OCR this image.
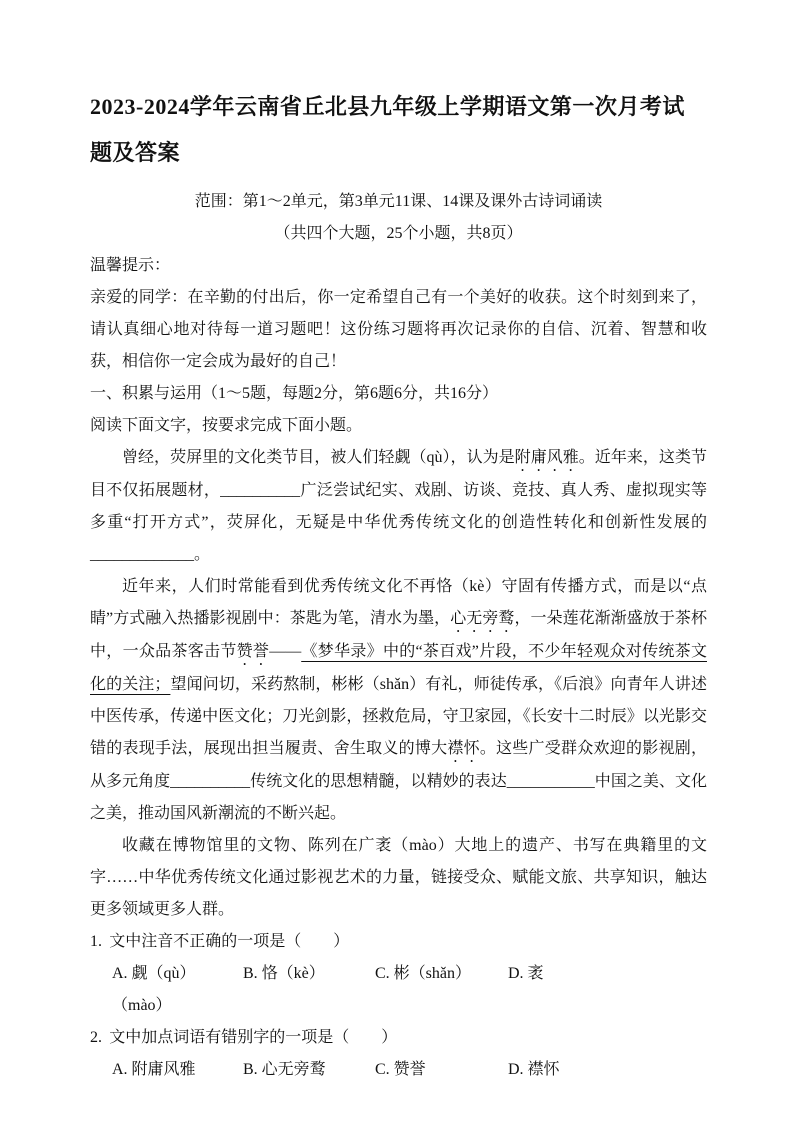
2023-2024学年云南省丘北县九年级上学期语文第一次月考试题及答案

范围：第1～2单元，第3单元11课、14课及课外古诗词诵读

（共四个大题，25个小题，共8页）

温馨提示：

亲爱的同学：在辛勤的付出后，你一定希望自己有一个美好的收获。这个时刻到来了，请认真细心地对待每一道习题吧！这份练习题将再次记录你的自信、沉着、智慧和收获，相信你一定会成为最好的自己！

一、积累与运用（1～5题，每题2分，第6题6分，共16分）

阅读下面文字，按要求完成下面小题。

曾经，荧屏里的文化类节目，被人们轻觑（qù），认为是附庸风雅。近年来，这类节目不仅拓展题材，__________广泛尝试纪实、戏剧、访谈、竞技、真人秀、虚拟现实等多重“打开方式”，荧屏化，无疑是中华优秀传统文化的创造性转化和创新性发展的_____________。

近年来，人们时常能看到优秀传统文化不再恪（kè）守固有传播方式，而是以“点睛”方式融入热播影视剧中：茶匙为笔，清水为墨，心无旁鹜，一朵莲花渐渐盛放于茶杯中，一众品茶客击节赞誉——《梦华录》中的“茶百戏”片段，不少年轻观众对传统茶文化的关注；望闻问切，采药熬制，彬彬（shǎn）有礼，师徒传承，《后浪》向青年人讲述中医传承，传递中医文化；刀光剑影，拯救危局，守卫家园，《长安十二时辰》以光影交错的表现手法，展现出担当履责、舍生取义的博大襟怀。这些广受群众欢迎的影视剧，从多元角度__________传统文化的思想精髓，以精妙的表达___________中国之美、文化之美，推动国风新潮流的不断兴起。

收藏在博物馆里的文物、陈列在广袤（mào）大地上的遗产、书写在典籍里的文字……中华优秀传统文化通过影视艺术的力量，链接受众、赋能文旅、共享知识，触达更多领域更多人群。

1. 文中注音不正确的一项是（　　）

A. 觑（qù）	B. 恪（kè）	C. 彬（shǎn）	D. 袤

（mào）

2. 文中加点词语有错别字的一项是（　　）

A. 附庸风雅	B. 心无旁鹜	C. 赞誉	D. 襟怀
